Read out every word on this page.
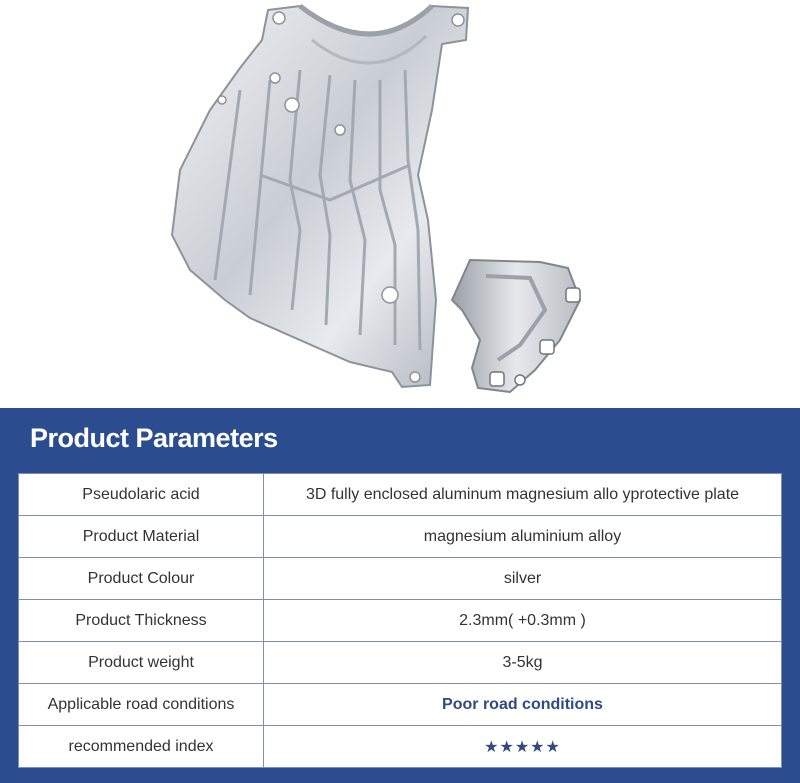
Product Parameters
Pseudolaric acid	3D fully enclosed aluminum magnesium allo yprotective plate
Product Material	magnesium aluminium alloy
Product Colour	silver
Product Thickness	2.3mm( +0.3mm )
Product weight	3-5kg
Applicable road conditions	Poor road conditions
recommended index	★★★★★
